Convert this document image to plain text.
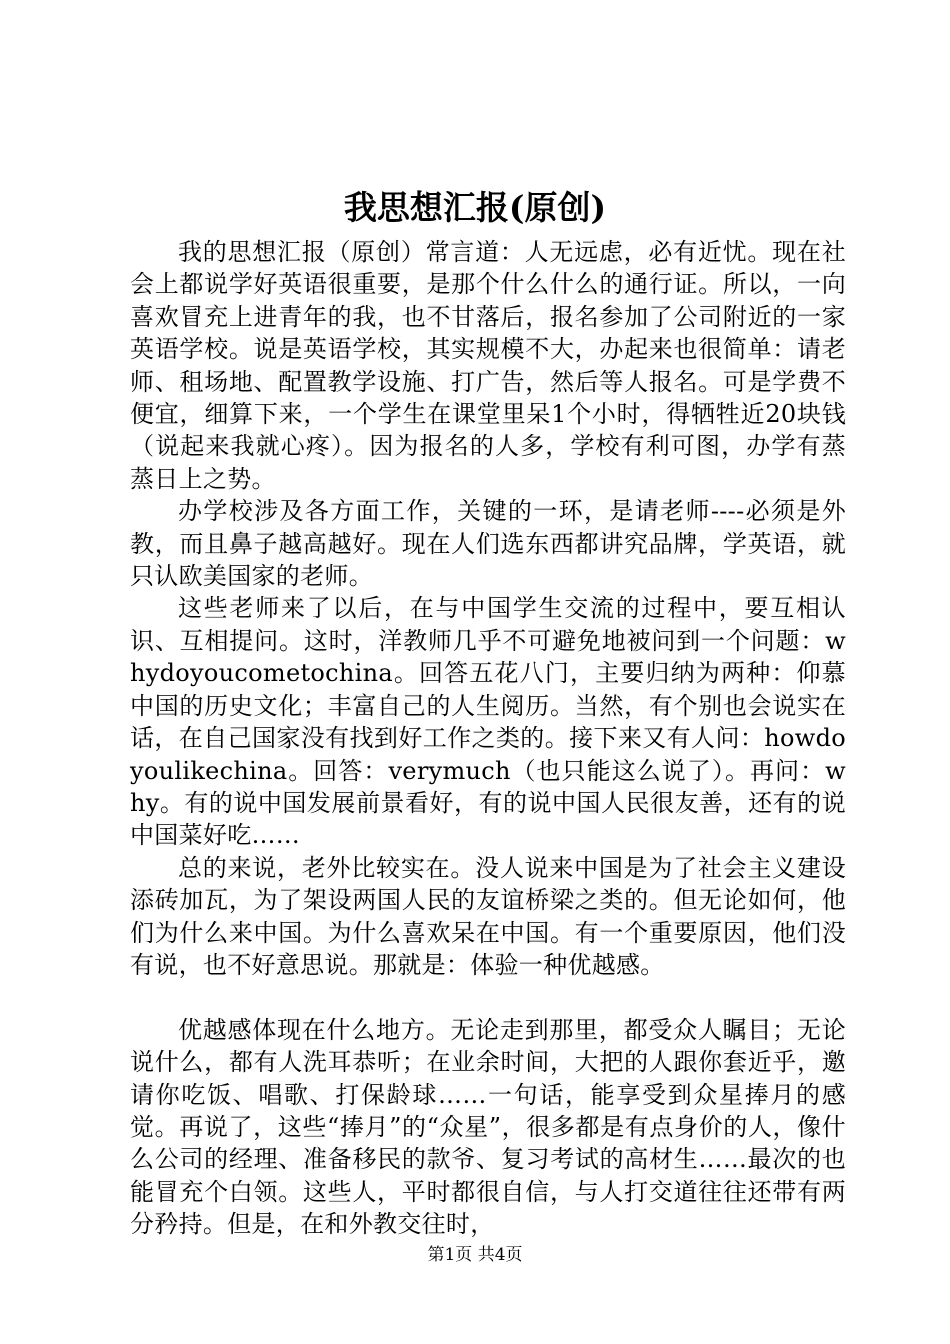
我思想汇报(原创)

我的思想汇报（原创）常言道：人无远虑，必有近忧。现在社会上都说学好英语很重要，是那个什么什么的通行证。所以，一向喜欢冒充上进青年的我，也不甘落后，报名参加了公司附近的一家英语学校。说是英语学校，其实规模不大，办起来也很简单：请老师、租场地、配置教学设施、打广告，然后等人报名。可是学费不便宜，细算下来，一个学生在课堂里呆1个小时，得牺牲近20块钱（说起来我就心疼）。因为报名的人多，学校有利可图，办学有蒸蒸日上之势。

办学校涉及各方面工作，关键的一环，是请老师----必须是外教，而且鼻子越高越好。现在人们选东西都讲究品牌，学英语，就只认欧美国家的老师。

这些老师来了以后，在与中国学生交流的过程中，要互相认识、互相提问。这时，洋教师几乎不可避免地被问到一个问题：whydoyoucometochina。回答五花八门，主要归纳为两种：仰慕中国的历史文化；丰富自己的人生阅历。当然，有个别也会说实在话，在自己国家没有找到好工作之类的。接下来又有人问：howdoyoulikechina。回答：verymuch（也只能这么说了）。再问：why。有的说中国发展前景看好，有的说中国人民很友善，还有的说中国菜好吃……

总的来说，老外比较实在。没人说来中国是为了社会主义建设添砖加瓦，为了架设两国人民的友谊桥梁之类的。但无论如何，他们为什么来中国。为什么喜欢呆在中国。有一个重要原因，他们没有说，也不好意思说。那就是：体验一种优越感。

优越感体现在什么地方。无论走到那里，都受众人瞩目；无论说什么，都有人洗耳恭听；在业余时间，大把的人跟你套近乎，邀请你吃饭、唱歌、打保龄球……一句话，能享受到众星捧月的感觉。再说了，这些“捧月”的“众星”，很多都是有点身价的人，像什么公司的经理、准备移民的款爷、复习考试的高材生……最次的也能冒充个白领。这些人，平时都很自信，与人打交道往往还带有两分矜持。但是，在和外教交往时，

第1页 共4页
